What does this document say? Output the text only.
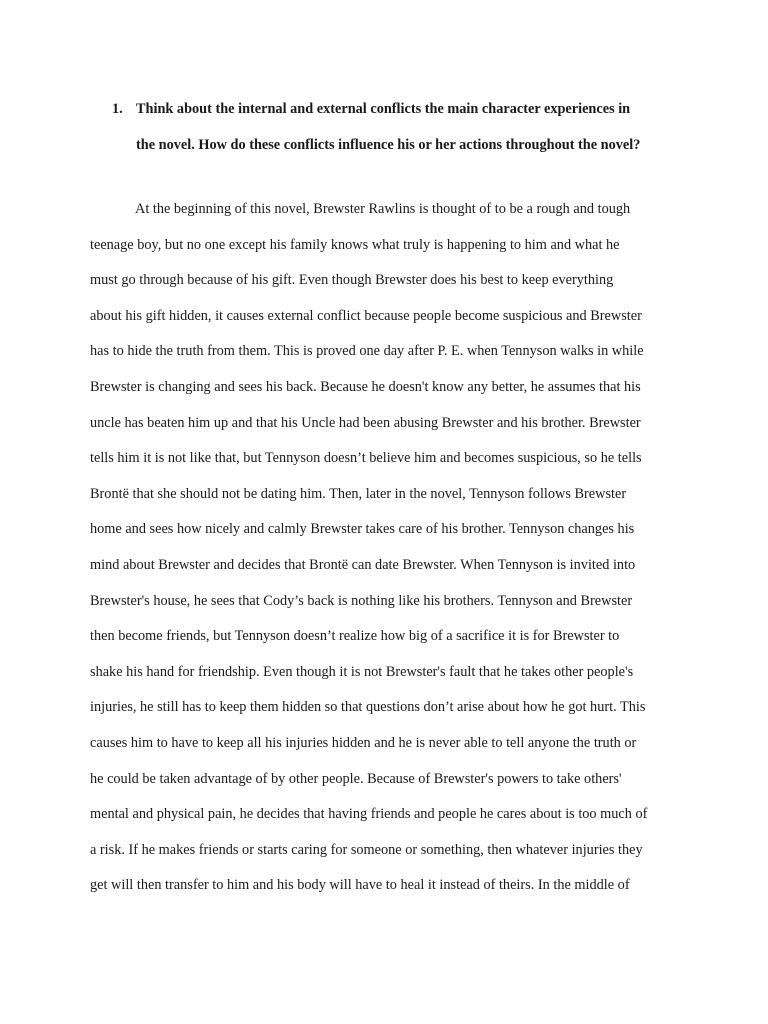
1. Think about the internal and external conflicts the main character experiences in
the novel. How do these conflicts influence his or her actions throughout the novel?
At the beginning of this novel, Brewster Rawlins is thought of to be a rough and tough
teenage boy, but no one except his family knows what truly is happening to him and what he
must go through because of his gift. Even though Brewster does his best to keep everything
about his gift hidden, it causes external conflict because people become suspicious and Brewster
has to hide the truth from them. This is proved one day after P. E. when Tennyson walks in while
Brewster is changing and sees his back. Because he doesn't know any better, he assumes that his
uncle has beaten him up and that his Uncle had been abusing Brewster and his brother. Brewster
tells him it is not like that, but Tennyson doesn’t believe him and becomes suspicious, so he tells
Brontë that she should not be dating him. Then, later in the novel, Tennyson follows Brewster
home and sees how nicely and calmly Brewster takes care of his brother. Tennyson changes his
mind about Brewster and decides that Brontë can date Brewster. When Tennyson is invited into
Brewster's house, he sees that Cody’s back is nothing like his brothers. Tennyson and Brewster
then become friends, but Tennyson doesn’t realize how big of a sacrifice it is for Brewster to
shake his hand for friendship. Even though it is not Brewster's fault that he takes other people's
injuries, he still has to keep them hidden so that questions don’t arise about how he got hurt. This
causes him to have to keep all his injuries hidden and he is never able to tell anyone the truth or
he could be taken advantage of by other people. Because of Brewster's powers to take others'
mental and physical pain, he decides that having friends and people he cares about is too much of
a risk. If he makes friends or starts caring for someone or something, then whatever injuries they
get will then transfer to him and his body will have to heal it instead of theirs. In the middle of
